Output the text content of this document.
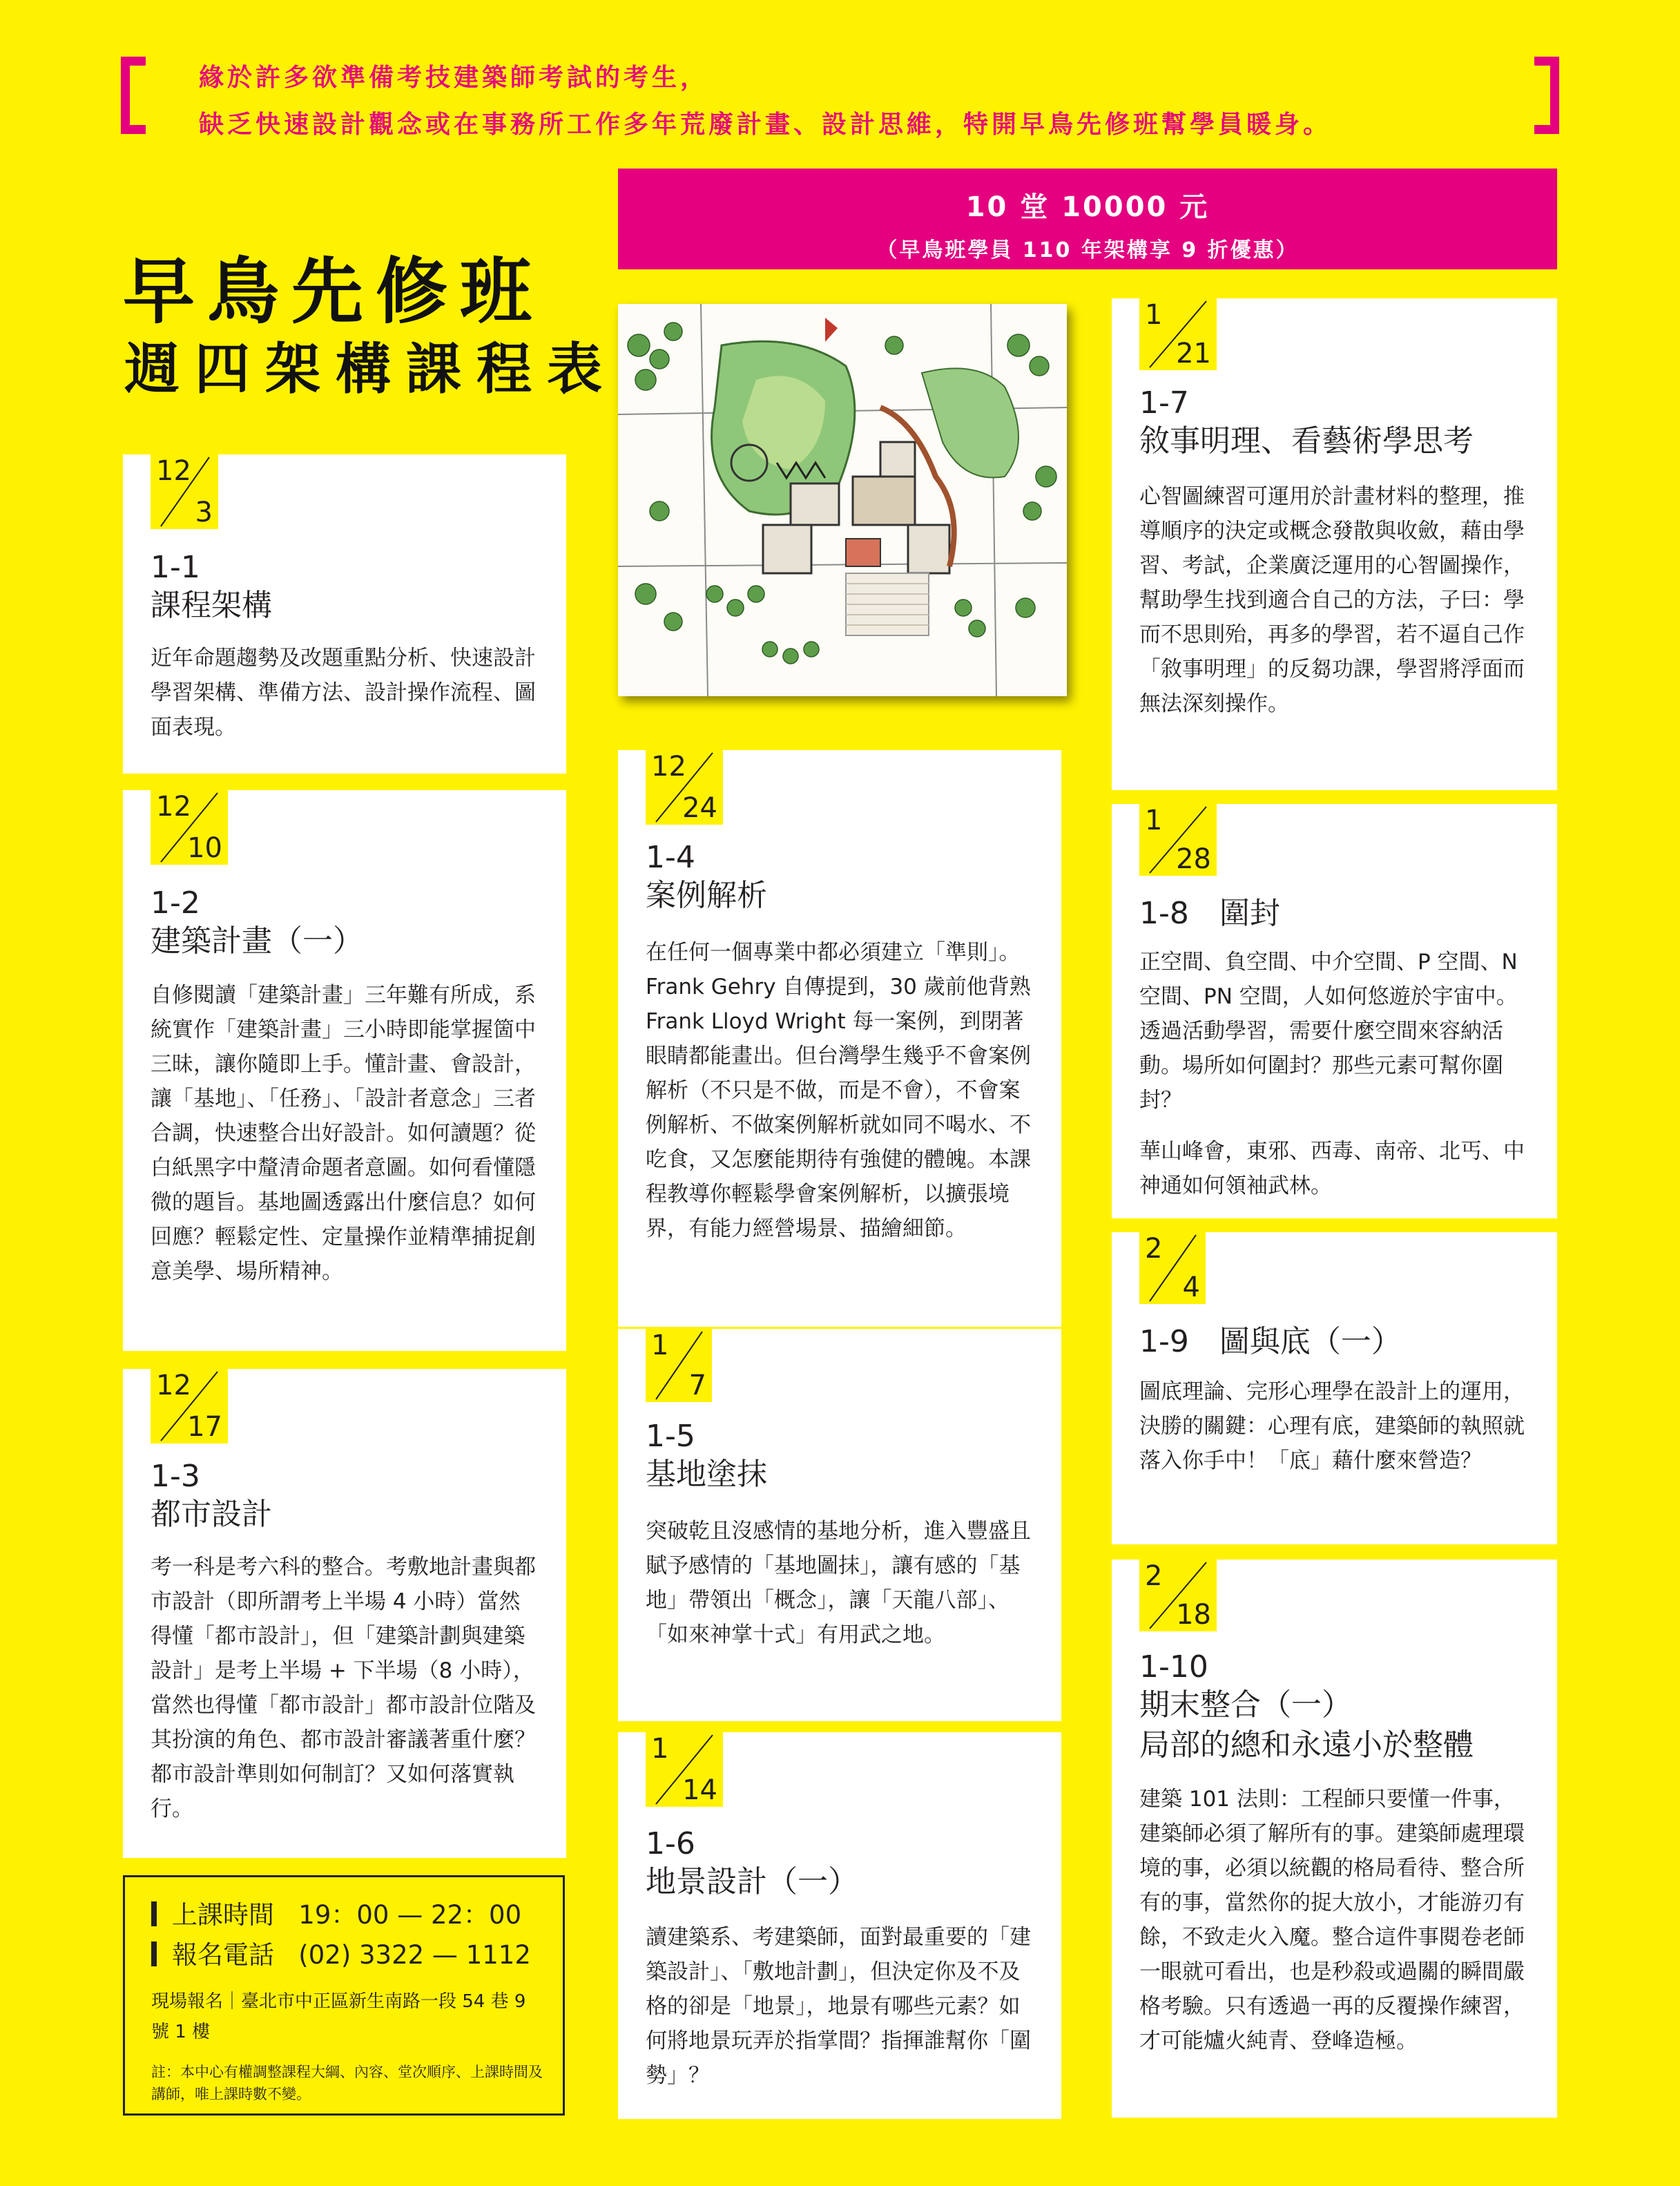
緣於許多欲準備考技建築師考試的考生，
缺乏快速設計觀念或在事務所工作多年荒廢計畫、設計思維，特開早鳥先修班幫學員暖身。
早鳥先修班
週四架構課程表
10 堂 10000 元
（早鳥班學員 110 年架構享 9 折優惠）
12
3
1-1
課程架構

近年命題趨勢及改題重點分析、快速設計學習架構、準備方法、設計操作流程、圖面表現。

12
10
1-2
建築計畫（一）

自修閱讀「建築計畫」三年難有所成，系統實作「建築計畫」三小時即能掌握箇中三昧，讓你隨即上手。懂計畫、會設計，讓「基地」、「任務」、「設計者意念」三者合調，快速整合出好設計。如何讀題？從白紙黑字中釐清命題者意圖。如何看懂隱微的題旨。基地圖透露出什麼信息？如何回應？輕鬆定性、定量操作並精準捕捉創意美學、場所精神。

12
17
1-3
都市設計

考一科是考六科的整合。考敷地計畫與都市設計（即所謂考上半場 4 小時）當然得懂「都市設計」，但「建築計劃與建築設計」是考上半場 + 下半場（8 小時），當然也得懂「都市設計」都市設計位階及其扮演的角色、都市設計審議著重什麼？都市設計準則如何制訂？又如何落實執行。

12
24
1-4
案例解析

在任何一個專業中都必須建立「準則」。Frank Gehry 自傳提到，30 歲前他背熟 Frank Lloyd Wright 每一案例，到閉著眼睛都能畫出。但台灣學生幾乎不會案例解析（不只是不做，而是不會），不會案例解析、不做案例解析就如同不喝水、不吃食，又怎麼能期待有強健的體魄。本課程教導你輕鬆學會案例解析，以擴張境界，有能力經營場景、描繪細節。

1
7
1-5
基地塗抹

突破乾且沒感情的基地分析，進入豐盛且賦予感情的「基地圖抹」，讓有感的「基地」帶領出「概念」，讓「天龍八部」、「如來神掌十式」有用武之地。

1
14
1-6
地景設計（一）

讀建築系、考建築師，面對最重要的「建築設計」、「敷地計劃」，但決定你及不及格的卻是「地景」，地景有哪些元素？如何將地景玩弄於指掌間？指揮誰幫你「圍勢」？

1
21
1-7
敘事明理、看藝術學思考

心智圖練習可運用於計畫材料的整理，推導順序的決定或概念發散與收斂，藉由學習、考試，企業廣泛運用的心智圖操作，幫助學生找到適合自己的方法，子曰：學而不思則殆，再多的學習，若不逼自己作「敘事明理」的反芻功課，學習將浮面而無法深刻操作。

1
28
1-8　圍封

正空間、負空間、中介空間、P 空間、N 空間、PN 空間，人如何悠遊於宇宙中。透過活動學習，需要什麼空間來容納活動。場所如何圍封？那些元素可幫你圍封？

華山峰會，東邪、西毒、南帝、北丐、中神通如何領袖武林。

2
4
1-9　圖與底（一）

圖底理論、完形心理學在設計上的運用，決勝的關鍵：心理有底，建築師的執照就落入你手中！「底」藉什麼來營造？

2
18
1-10
期末整合（一）
局部的總和永遠小於整體

建築 101 法則：工程師只要懂一件事，建築師必須了解所有的事。建築師處理環境的事，必須以統觀的格局看待、整合所有的事，當然你的捉大放小，才能游刃有餘，不致走火入魔。整合這件事閱卷老師一眼就可看出，也是秒殺或過關的瞬間嚴格考驗。只有透過一再的反覆操作練習，才可能爐火純青、登峰造極。

上課時間 19：00 — 22：00
報名電話 (02) 3322 — 1112
現場報名｜臺北市中正區新生南路一段 54 巷 9 號 1 樓
註：本中心有權調整課程大綱、內容、堂次順序、上課時間及講師，唯上課時數不變。
